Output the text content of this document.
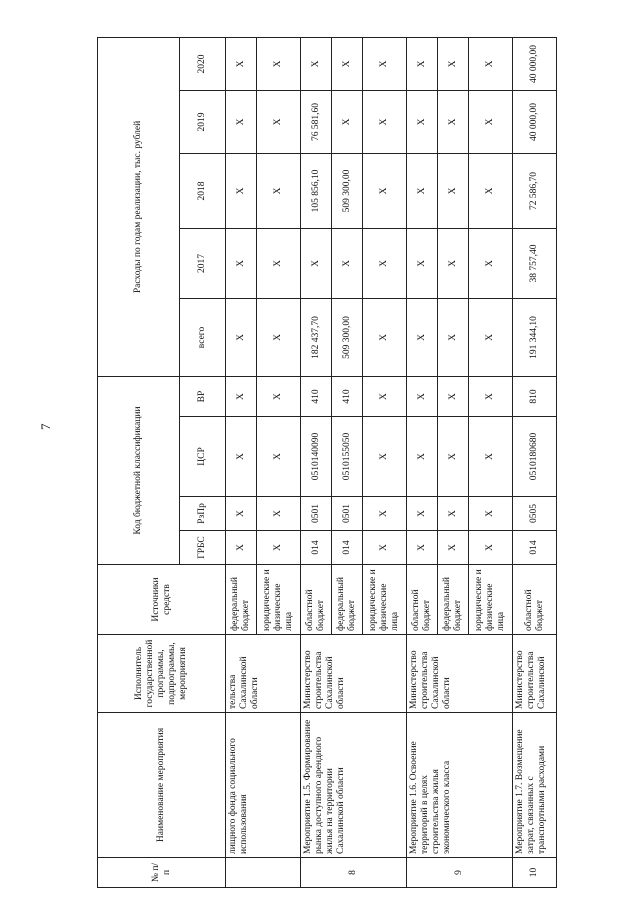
7
№ п/п	Наименование мероприятия	Исполнитель государственной программы, подпрограммы, мероприятия	Источники средств	Код бюджетной классификации				Расходы по годам реализации, тыс. рублей				
				ГРБС	РзПр	ЦСР	ВР	всего	2017	2018	2019	2020
	лищного фонда социального использования	тельства Сахалинской области	федеральный бюджет	Х	Х	Х	Х	Х	Х	Х	Х	Х
			юридические и физические лица	Х	Х	Х	Х	Х	Х	Х	Х	Х
8	Мероприятие 1.5. Формирование рынка доступного арендного жилья на территории Сахалинской области	Министерство строительства Сахалинской области	областной бюджет	014	0501	0510140090	410	182 437,70	Х	105 856,10	76 581,60	Х
			федеральный бюджет	014	0501	0510155050	410	509 300,00	Х	509 300,00	Х	Х
			юридические и физические лица	Х	Х	Х	Х	Х	Х	Х	Х	Х
9	Мероприятие 1.6. Освоение территорий в целях строительства жилья экономического класса	Министерство строительства Сахалинской области	областной бюджет	Х	Х	Х	Х	Х	Х	Х	Х	Х
			федеральный бюджет	Х	Х	Х	Х	Х	Х	Х	Х	Х
			юридические и физические лица	Х	Х	Х	Х	Х	Х	Х	Х	Х
10	Мероприятие 1.7. Возмещение затрат, связанных с транспортными расходами	Министерство строительства Сахалинской	областной бюджет	014	0505	0510180680	810	191 344,10	38 757,40	72 586,70	40 000,00	40 000,00
